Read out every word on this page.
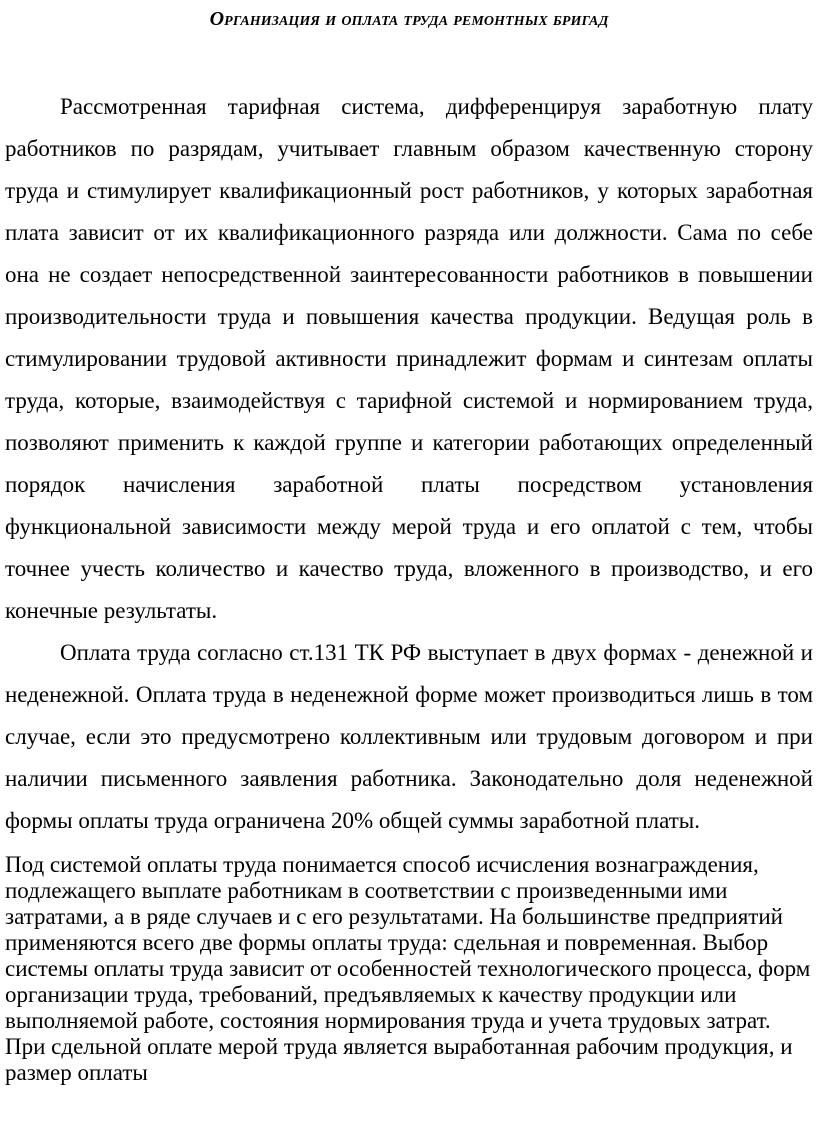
Организация и оплата труда ремонтных бригад

Рассмотренная тарифная система, дифференцируя заработную плату работников по разрядам, учитывает главным образом качественную сторону труда и стимулирует квалификационный рост работников, у которых заработная плата зависит от их квалификационного разряда или должности. Сама по себе она не создает непосредственной заинтересованности работников в повышении производительности труда и повышения качества продукции. Ведущая роль в стимулировании трудовой активности принадлежит формам и синтезам оплаты труда, которые, взаимодействуя с тарифной системой и нормированием труда, позволяют применить к каждой группе и категории работающих определенный порядок начисления заработной платы посредством установления функциональной зависимости между мерой труда и его оплатой с тем, чтобы точнее учесть количество и качество труда, вложенного в производство, и его конечные результаты.

Оплата труда согласно ст.131 ТК РФ выступает в двух формах - денежной и неденежной. Оплата труда в неденежной форме может производиться лишь в том случае, если это предусмотрено коллективным или трудовым договором и при наличии письменного заявления работника. Законодательно доля неденежной формы оплаты труда ограничена 20% общей суммы заработной платы.

Под системой оплаты труда понимается способ исчисления вознаграждения, подлежащего выплате работникам в соответствии с произведенными ими затратами, а в ряде случаев и с его результатами. На большинстве предприятий применяются всего две формы оплаты труда: сдельная и повременная. Выбор системы оплаты труда зависит от особенностей технологического процесса, форм организации труда, требований, предъявляемых к качеству продукции или выполняемой работе, состояния нормирования труда и учета трудовых затрат. При сдельной оплате мерой труда является выработанная рабочим продукция, и размер оплаты
